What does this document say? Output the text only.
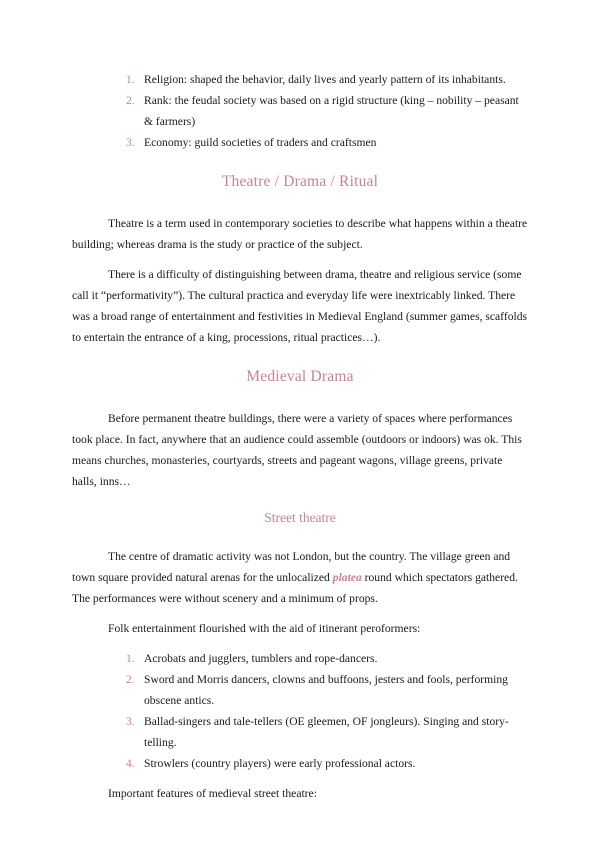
1. Religion: shaped the behavior, daily lives and yearly pattern of its inhabitants.
2. Rank: the feudal society was based on a rigid structure (king – nobility – peasant & farmers)
3. Economy: guild societies of traders and craftsmen
Theatre / Drama / Ritual

Theatre is a term used in contemporary societies to describe what happens within a theatre building; whereas drama is the study or practice of the subject.

There is a difficulty of distinguishing between drama, theatre and religious service (some call it “performativity”). The cultural practica and everyday life were inextricably linked. There was a broad range of entertainment and festivities in Medieval England (summer games, scaffolds to entertain the entrance of a king, processions, ritual practices…).

Medieval Drama

Before permanent theatre buildings, there were a variety of spaces where performances took place. In fact, anywhere that an audience could assemble (outdoors or indoors) was ok. This means churches, monasteries, courtyards, streets and pageant wagons, village greens, private halls, inns…

Street theatre

The centre of dramatic activity was not London, but the country. The village green and town square provided natural arenas for the unlocalized platea round which spectators gathered. The performances were without scenery and a minimum of props.

Folk entertainment flourished with the aid of itinerant peroformers:

1. Acrobats and jugglers, tumblers and rope-dancers.
2. Sword and Morris dancers, clowns and buffoons, jesters and fools, performing obscene antics.
3. Ballad-singers and tale-tellers (OE gleemen, OF jongleurs). Singing and story-telling.
4. Strowlers (country players) were early professional actors.

Important features of medieval street theatre:
